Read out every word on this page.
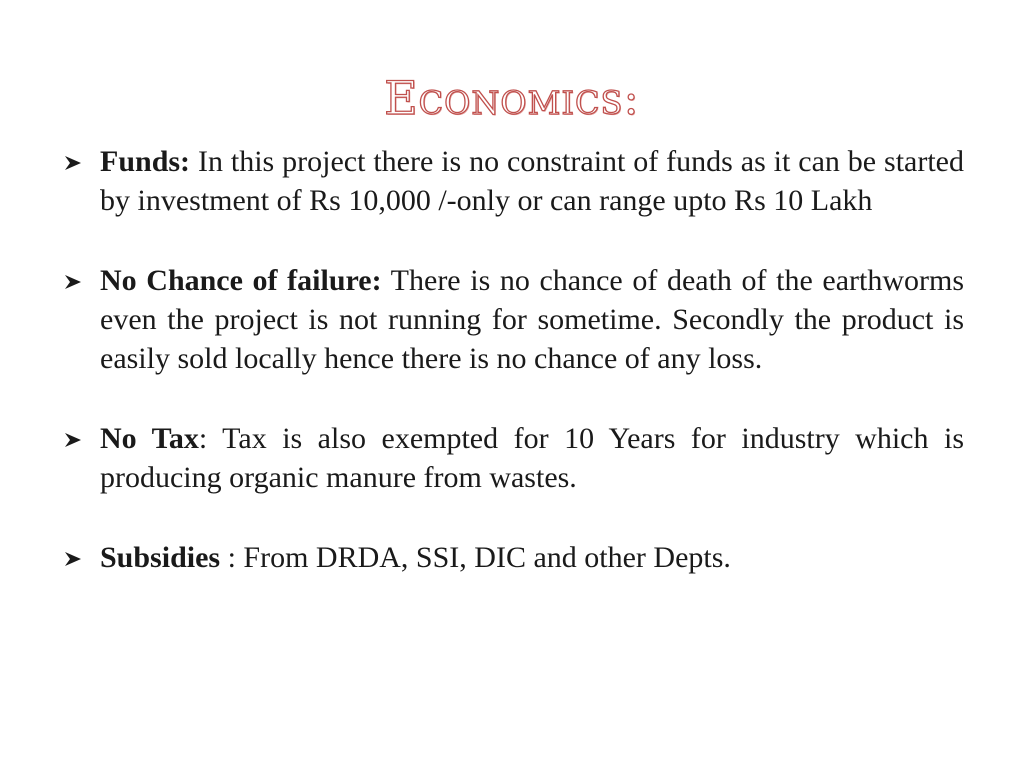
Economics:
Funds: In this project there is no constraint of funds as it can be started by investment of Rs 10,000 /-only or can range upto Rs 10 Lakh
No Chance of failure: There is no chance of death of the earthworms even the project is not running for sometime. Secondly the product is easily sold locally hence there is no chance of any loss.
No Tax: Tax is also exempted for 10 Years for industry which is producing organic manure from wastes.
Subsidies : From DRDA, SSI, DIC and other Depts.
